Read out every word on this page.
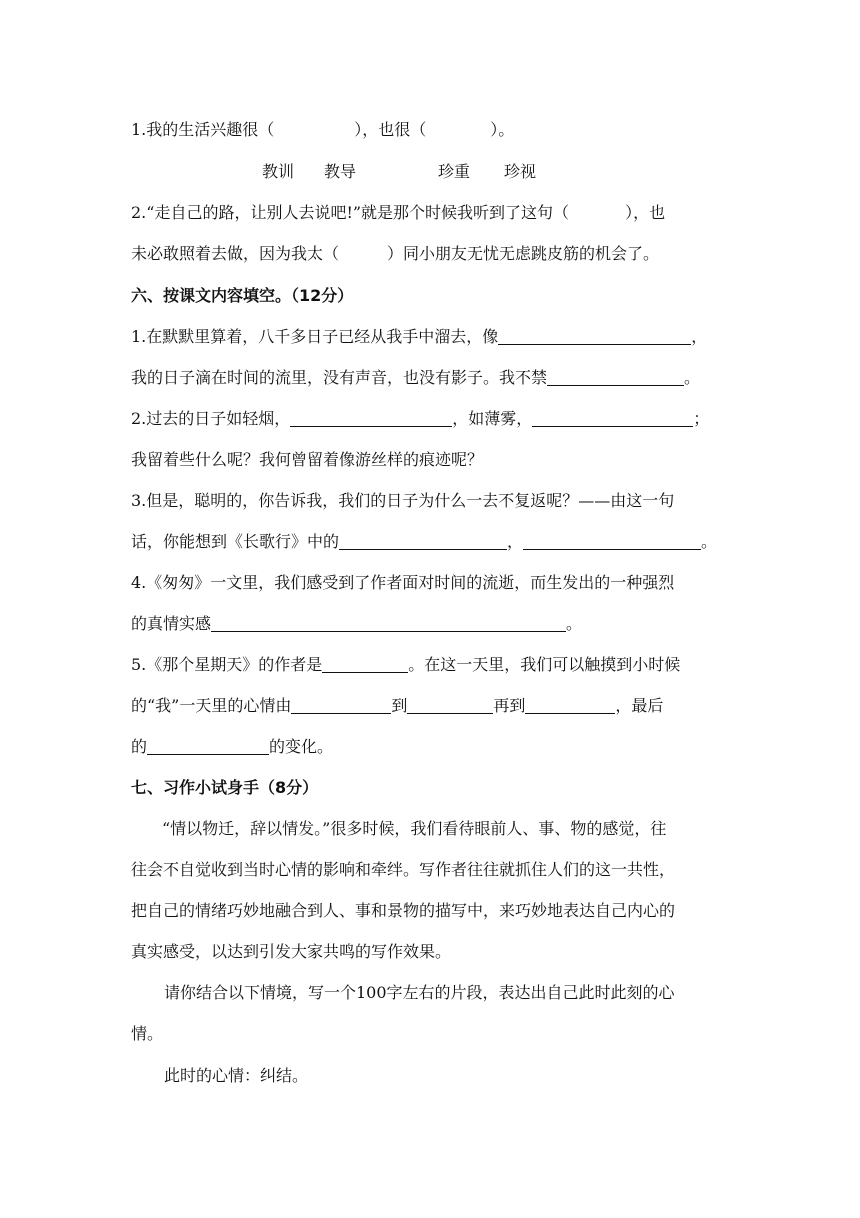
1.我的生活兴趣很（	），也很（	）。
教训 教导	珍重 珍视
2.“走自己的路，让别人去说吧!”就是那个时候我听到了这句（	），也
未必敢照着去做，因为我太（	）同小朋友无忧无虑跳皮筋的机会了。
六、按课文内容填空。（12分）
1.在默默里算着，八千多日子已经从我手中溜去，像	，
我的日子滴在时间的流里，没有声音，也没有影子。我不禁	。
2.过去的日子如轻烟，	，如薄雾，	；
我留着些什么呢？我何曾留着像游丝样的痕迹呢？
3.但是，聪明的，你告诉我，我们的日子为什么一去不复返呢？——由这一句
话，你能想到《长歌行》中的	，	。
4.《匆匆》一文里，我们感受到了作者面对时间的流逝，而生发出的一种强烈
的真情实感	。
5.《那个星期天》的作者是	。在这一天里，我们可以触摸到小时候
的“我”一天里的心情由	到	再到	，最后
的	的变化。
七、习作小试身手（8分）
“情以物迁，辞以情发。”很多时候，我们看待眼前人、事、物的感觉，往
往会不自觉收到当时心情的影响和牵绊。写作者往往就抓住人们的这一共性，
把自己的情绪巧妙地融合到人、事和景物的描写中，来巧妙地表达自己内心的
真实感受，以达到引发大家共鸣的写作效果。
请你结合以下情境，写一个100字左右的片段，表达出自己此时此刻的心
情。
此时的心情：纠结。
